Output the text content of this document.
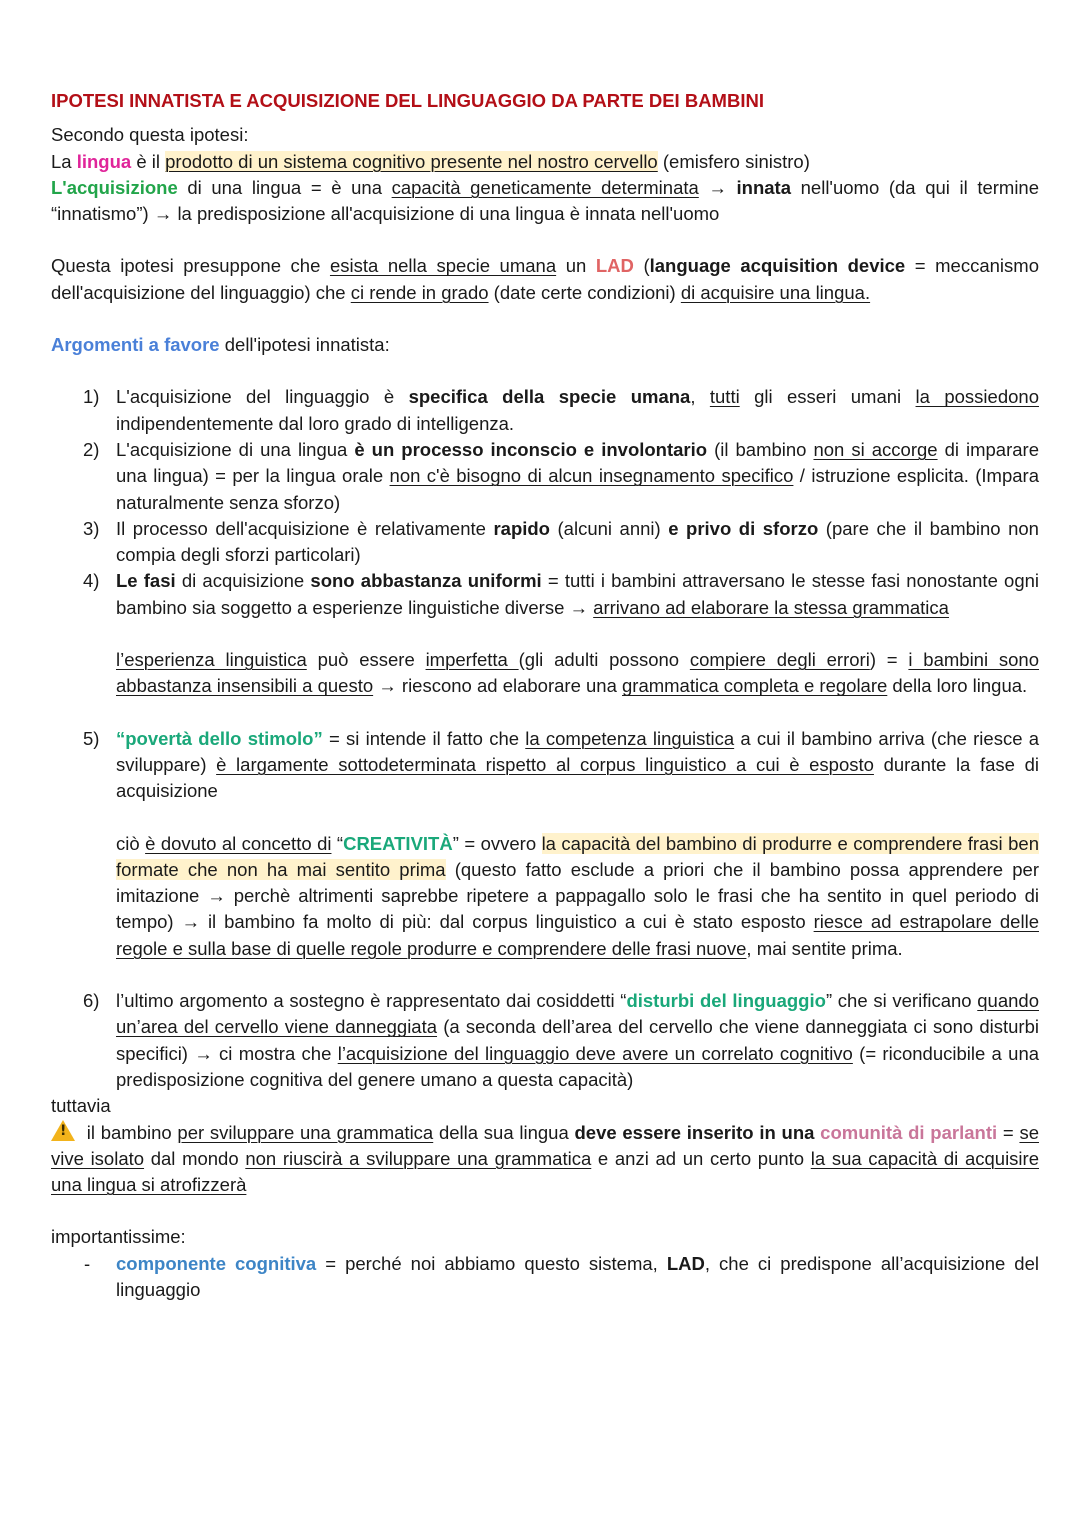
IPOTESI INNATISTA E ACQUISIZIONE DEL LINGUAGGIO DA PARTE DEI BAMBINI

Secondo questa ipotesi:

La lingua è il prodotto di un sistema cognitivo presente nel nostro cervello (emisfero sinistro)

L'acquisizione di una lingua = è una capacità geneticamente determinata → innata nell'uomo (da qui il termine “innatismo”) → la predisposizione all'acquisizione di una lingua è innata nell'uomo

Questa ipotesi presuppone che esista nella specie umana un LAD (language acquisition device = meccanismo dell'acquisizione del linguaggio) che ci rende in grado (date certe condizioni) di acquisire una lingua.

Argomenti a favore dell'ipotesi innatista:

1) L'acquisizione del linguaggio è specifica della specie umana, tutti gli esseri umani la possiedono indipendentemente dal loro grado di intelligenza.
2) L'acquisizione di una lingua è un processo inconscio e involontario (il bambino non si accorge di imparare una lingua) = per la lingua orale non c'è bisogno di alcun insegnamento specifico / istruzione esplicita. (Impara naturalmente senza sforzo)
3) Il processo dell'acquisizione è relativamente rapido (alcuni anni) e privo di sforzo (pare che il bambino non compia degli sforzi particolari)
4) Le fasi di acquisizione sono abbastanza uniformi = tutti i bambini attraversano le stesse fasi nonostante ogni bambino sia soggetto a esperienze linguistiche diverse → arrivano ad elaborare la stessa grammatica

l’esperienza linguistica può essere imperfetta (gli adulti possono compiere degli errori) = i bambini sono abbastanza insensibili a questo → riescono ad elaborare una grammatica completa e regolare della loro lingua.

5) “povertà dello stimolo” = si intende il fatto che la competenza linguistica a cui il bambino arriva (che riesce a sviluppare) è largamente sottodeterminata rispetto al corpus linguistico a cui è esposto durante la fase di acquisizione

ciò è dovuto al concetto di “CREATIVITÀ” = ovvero la capacità del bambino di produrre e comprendere frasi ben formate che non ha mai sentito prima (questo fatto esclude a priori che il bambino possa apprendere per imitazione → perchè altrimenti saprebbe ripetere a pappagallo solo le frasi che ha sentito in quel periodo di tempo) → il bambino fa molto di più: dal corpus linguistico a cui è stato esposto riesce ad estrapolare delle regole e sulla base di quelle regole produrre e comprendere delle frasi nuove, mai sentite prima.

6) l’ultimo argomento a sostegno è rappresentato dai cosiddetti “disturbi del linguaggio” che si verificano quando un’area del cervello viene danneggiata (a seconda dell’area del cervello che viene danneggiata ci sono disturbi specifici) → ci mostra che l’acquisizione del linguaggio deve avere un correlato cognitivo (= riconducibile a una predisposizione cognitiva del genere umano a questa capacità)

tuttavia

! il bambino per sviluppare una grammatica della sua lingua deve essere inserito in una comunità di parlanti = se vive isolato dal mondo non riuscirà a sviluppare una grammatica e anzi ad un certo punto la sua capacità di acquisire una lingua si atrofizzerà

importantissime:

- componente cognitiva = perché noi abbiamo questo sistema, LAD, che ci predispone all’acquisizione del linguaggio
